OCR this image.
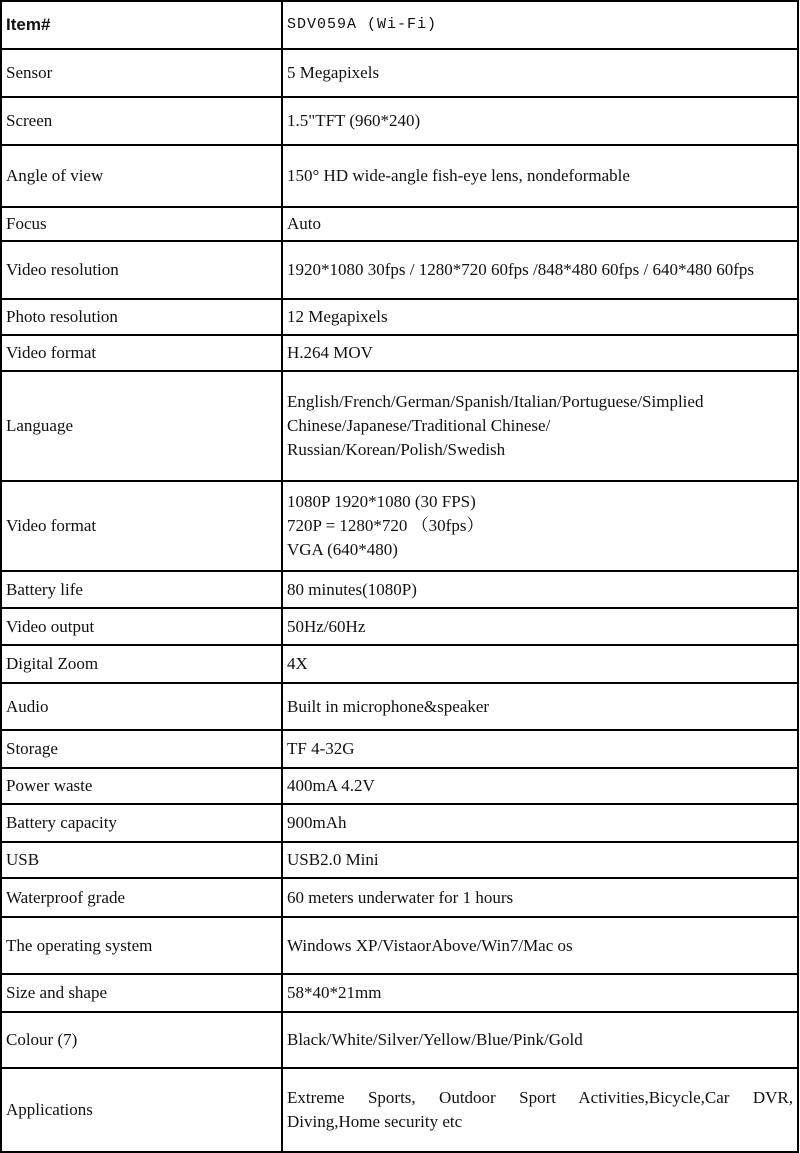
Item#	SDV059A (Wi-Fi)
Sensor	5 Megapixels
Screen	1.5"TFT (960*240)
Angle of view	150° HD wide-angle fish-eye lens, nondeformable
Focus	Auto
Video resolution	1920*1080 30fps / 1280*720 60fps /848*480 60fps / 640*480 60fps
Photo resolution	12 Megapixels
Video format	H.264 MOV
Language	English/French/German/Spanish/Italian/Portuguese/Simplied
Chinese/Japanese/Traditional Chinese/
Russian/Korean/Polish/Swedish

Video format	1080P 1920*1080 (30 FPS)
720P = 1280*720 （30fps）
VGA (640*480)

Battery life	80 minutes(1080P)
Video output	50Hz/60Hz
Digital Zoom	4X
Audio	Built in microphone&speaker
Storage	TF 4-32G
Power waste	400mA 4.2V
Battery capacity	900mAh
USB	USB2.0 Mini
Waterproof grade	60 meters underwater for 1 hours
The operating system	Windows XP/VistaorAbove/Win7/Mac os
Size and shape	58*40*21mm
Colour (7)	Black/White/Silver/Yellow/Blue/Pink/Gold
Applications	Extreme Sports, Outdoor Sport Activities,Bicycle,Car DVR, Diving,Home security etc
